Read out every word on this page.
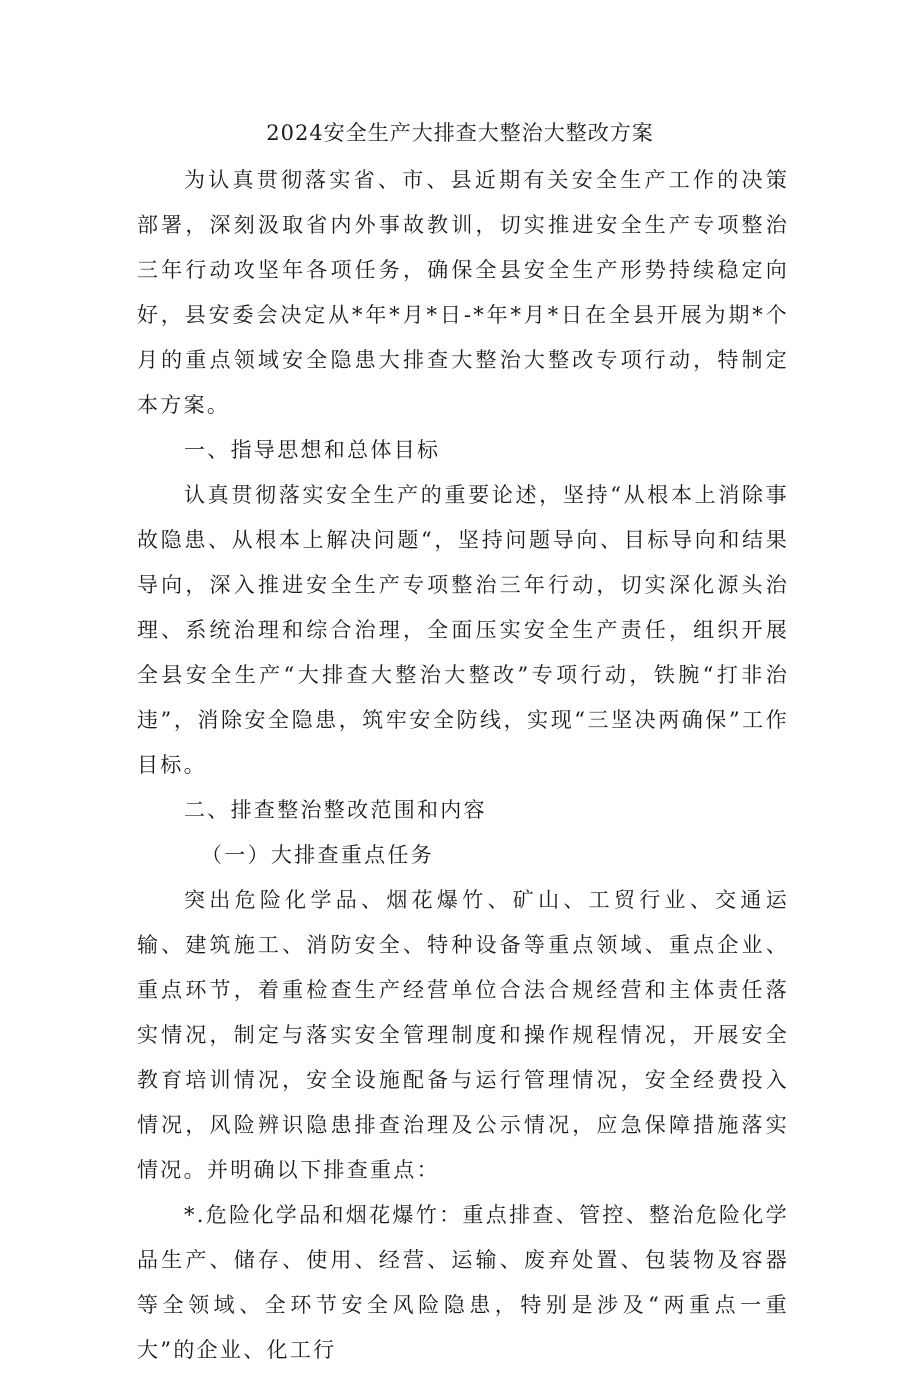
2024安全生产大排查大整治大整改方案

为认真贯彻落实省、市、县近期有关安全生产工作的决策部署，深刻汲取省内外事故教训，切实推进安全生产专项整治三年行动攻坚年各项任务，确保全县安全生产形势持续稳定向好，县安委会决定从*年*月*日-*年*月*日在全县开展为期*个月的重点领域安全隐患大排查大整治大整改专项行动，特制定本方案。

一、指导思想和总体目标

认真贯彻落实安全生产的重要论述，坚持“从根本上消除事故隐患、从根本上解决问题“，坚持问题导向、目标导向和结果导向，深入推进安全生产专项整治三年行动，切实深化源头治理、系统治理和综合治理，全面压实安全生产责任，组织开展全县安全生产“大排查大整治大整改”专项行动，铁腕“打非治违”，消除安全隐患，筑牢安全防线，实现“三坚决两确保”工作目标。

二、排查整治整改范围和内容

（一）大排查重点任务

突出危险化学品、烟花爆竹、矿山、工贸行业、交通运输、建筑施工、消防安全、特种设备等重点领域、重点企业、重点环节，着重检查生产经营单位合法合规经营和主体责任落实情况，制定与落实安全管理制度和操作规程情况，开展安全教育培训情况，安全设施配备与运行管理情况，安全经费投入情况，风险辨识隐患排查治理及公示情况，应急保障措施落实情况。并明确以下排查重点：

*.危险化学品和烟花爆竹：重点排查、管控、整治危险化学品生产、储存、使用、经营、运输、废弃处置、包装物及容器等全领域、全环节安全风险隐患，特别是涉及“两重点一重大”的企业、化工行
